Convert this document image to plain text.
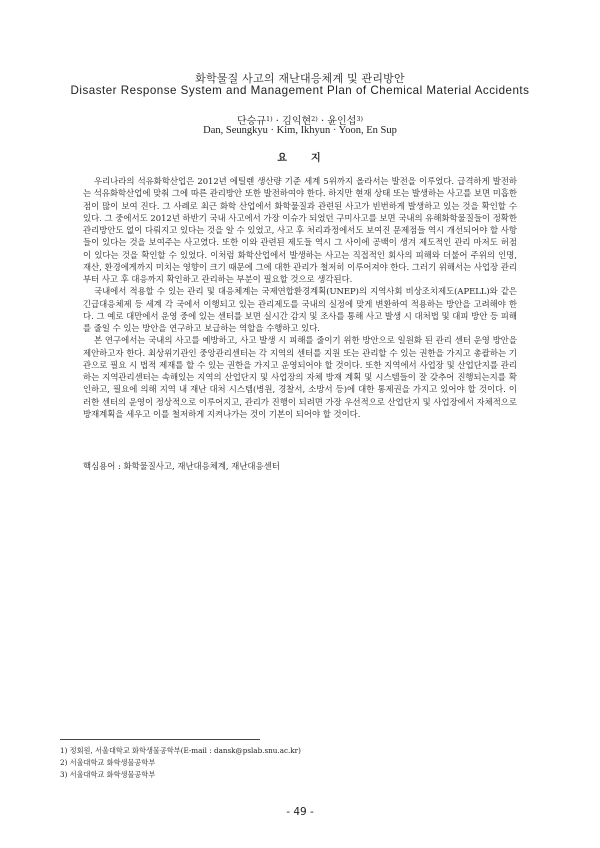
화학물질 사고의 재난대응체계 및 관리방안
Disaster Response System and Management Plan of Chemical Material Accidents
단승규$^{1)}$ · 김익현$^{2)}$ · 윤인섭$^{3)}$
Dan, Seungkyu · Kim, Ikhyun · Yoon, En Sup
요 지

우리나라의 석유화학산업은 2012년 에틸렌 생산량 기준 세계 5위까지 올라서는 발전을 이루었다. 급격하게 발전하는 석유화학산업에 맞춰 그에 따른 관리방안 또한 발전하여야 한다. 하지만 현재 상태 또는 발생하는 사고를 보면 미흡한 점이 많이 보여 진다. 그 사례로 최근 화학 산업에서 화학물질과 관련된 사고가 빈번하게 발생하고 있는 것을 확인할 수 있다. 그 중에서도 2012년 하반기 국내 사고에서 가장 이슈가 되었던 구미사고를 보면 국내의 유해화학물질들이 정확한 관리방안도 없이 다뤄지고 있다는 것을 알 수 있었고, 사고 후 처리과정에서도 보여진 문제점들 역시 개선되어야 할 사항들이 있다는 것을 보여주는 사고였다. 또한 이와 관련된 제도들 역시 그 사이에 공백이 생겨 제도적인 관리 마저도 허점이 있다는 것을 확인할 수 있었다. 이처럼 화학산업에서 발생하는 사고는 직접적인 회사의 피해와 더불어 주위의 인명, 재산, 환경에게까지 미치는 영향이 크기 때문에 그에 대한 관리가 철저히 이루어져야 한다. 그러기 위해서는 사업장 관리부터 사고 후 대응까지 확인하고 관리하는 부분이 필요할 것으로 생각된다.

국내에서 적용할 수 있는 관리 및 대응체계는 국제연합환경계획(UNEP)의 지역사회 비상조치제도(APELL)와 같은 긴급대응체제 등 세계 각 국에서 이행되고 있는 관리제도를 국내의 실정에 맞게 변환하여 적용하는 방안을 고려해야 한다. 그 예로 대만에서 운영 중에 있는 센터를 보면 실시간 감지 및 조사를 통해 사고 발생 시 대처법 및 대피 방안 등 피해를 줄일 수 있는 방안을 연구하고 보급하는 역할을 수행하고 있다.

본 연구에서는 국내의 사고를 예방하고, 사고 발생 시 피해를 줄이기 위한 방안으로 일원화 된 관리 센터 운영 방안을 제안하고자 한다. 최상위기관인 중앙관리센터는 각 지역의 센터를 지원 또는 관리할 수 있는 권한을 가지고 총괄하는 기관으로 필요 시 법적 제재를 할 수 있는 권한을 가지고 운영되어야 할 것이다. 또한 지역에서 사업장 및 산업단지를 관리하는 지역관리센터는 속해있는 지역의 산업단지 및 사업장의 자체 방재 계획 및 시스템들이 잘 갖추어 진행되는지를 확인하고, 필요에 의해 지역 내 재난 대처 시스템(병원, 경찰서, 소방서 등)에 대한 통제권을 가지고 있어야 할 것이다. 이러한 센터의 운영이 정상적으로 이루어지고, 관리가 진행이 되려면 가장 우선적으로 산업단지 및 사업장에서 자체적으로 방재계획을 세우고 이를 철저하게 지켜나가는 것이 기본이 되어야 할 것이다.

핵심용어 : 화학물질사고, 재난대응체계, 재난대응센터
1) 정회원, 서울대학교 화학생물공학부(E-mail : dansk@pslab.snu.ac.kr)
2) 서울대학교 화학생물공학부
3) 서울대학교 화학생물공학부
- 49 -
